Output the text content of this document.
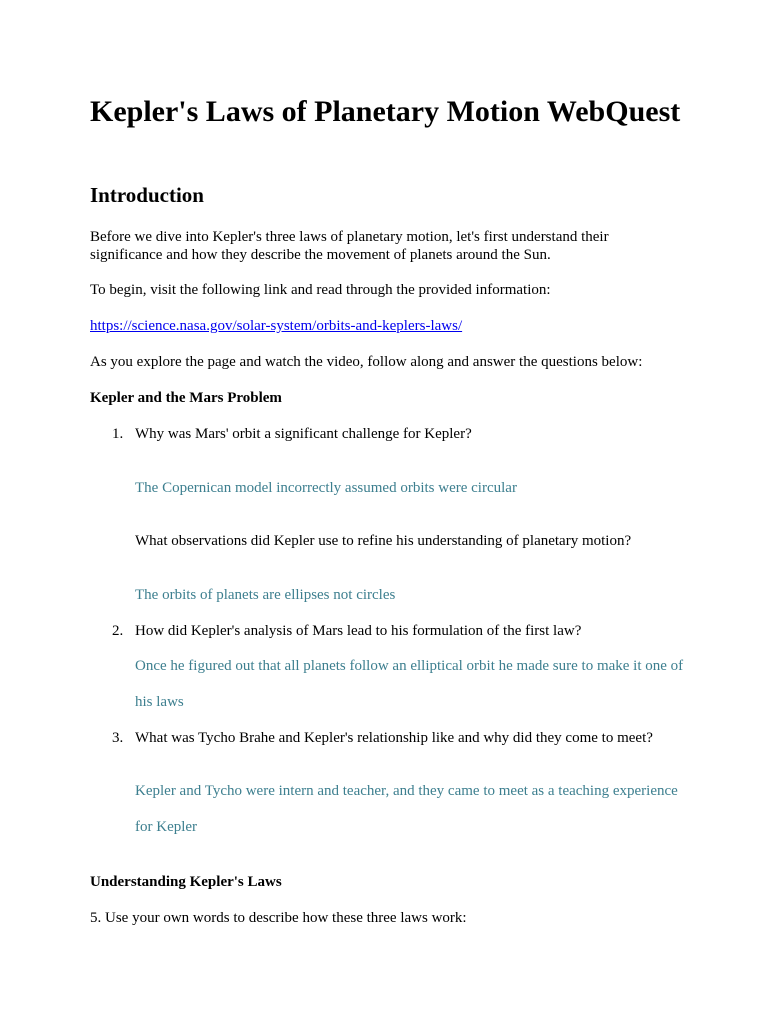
Kepler's Laws of Planetary Motion WebQuest
Introduction

Before we dive into Kepler's three laws of planetary motion, let's first understand their significance and how they describe the movement of planets around the Sun.

To begin, visit the following link and read through the provided information:

https://science.nasa.gov/solar-system/orbits-and-keplers-laws/

As you explore the page and watch the video, follow along and answer the questions below:

Kepler and the Mars Problem

1. Why was Mars' orbit a significant challenge for Kepler?
The Copernican model incorrectly assumed orbits were circular
What observations did Kepler use to refine his understanding of planetary motion?
The orbits of planets are ellipses not circles
2. How did Kepler's analysis of Mars lead to his formulation of the first law?
Once he figured out that all planets follow an elliptical orbit he made sure to make it one of his laws
3. What was Tycho Brahe and Kepler's relationship like and why did they come to meet?
Kepler and Tycho were intern and teacher, and they came to meet as a teaching experience for Kepler

Understanding Kepler's Laws

5. Use your own words to describe how these three laws work:
